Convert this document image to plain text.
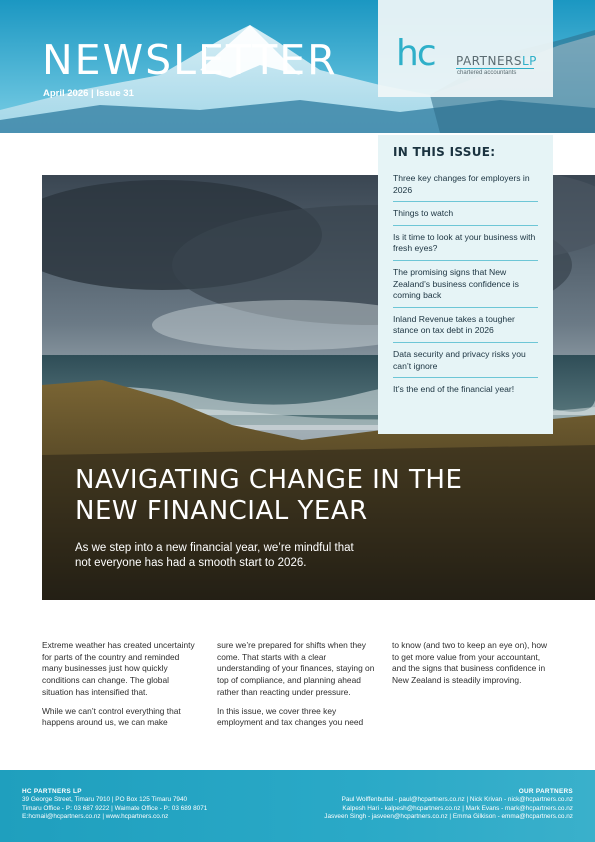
NEWSLETTER
April 2026 | Issue 31
hc PARTNERSLP
chartered accountants
NAVIGATING CHANGE IN THE NEW FINANCIAL YEAR
As we step into a new financial year, we’re mindful that not everyone has had a smooth start to 2026.
IN THIS ISSUE:
Three key changes for employers in 2026
Things to watch
Is it time to look at your business with fresh eyes?
The promising signs that New Zealand’s business confidence is coming back
Inland Revenue takes a tougher stance on tax debt in 2026
Data security and privacy risks you can’t ignore
It’s the end of the financial year!

Extreme weather has created uncertainty for parts of the country and reminded many businesses just how quickly conditions can change. The global situation has intensified that.

While we can’t control everything that happens around us, we can make

sure we’re prepared for shifts when they come. That starts with a clear understanding of your finances, staying on top of compliance, and planning ahead rather than reacting under pressure.

In this issue, we cover three key employment and tax changes you need

to know (and two to keep an eye on), how to get more value from your accountant, and the signs that business confidence in New Zealand is steadily improving.

HC PARTNERS LP
39 George Street, Timaru 7910 | PO Box 125 Timaru 7940
Timaru Office - P: 03 687 9222 | Waimate Office - P: 03 689 8071
E:hcmail@hcpartners.co.nz | www.hcpartners.co.nz
OUR PARTNERS
Paul Wolffenbuttel - paul@hcpartners.co.nz | Nick Krivan - nick@hcpartners.co.nz
Kalpesh Hari - kalpesh@hcpartners.co.nz | Mark Evans - mark@hcpartners.co.nz
Jasveen Singh - jasveen@hcpartners.co.nz | Emma Gilkison - emma@hcpartners.co.nz
